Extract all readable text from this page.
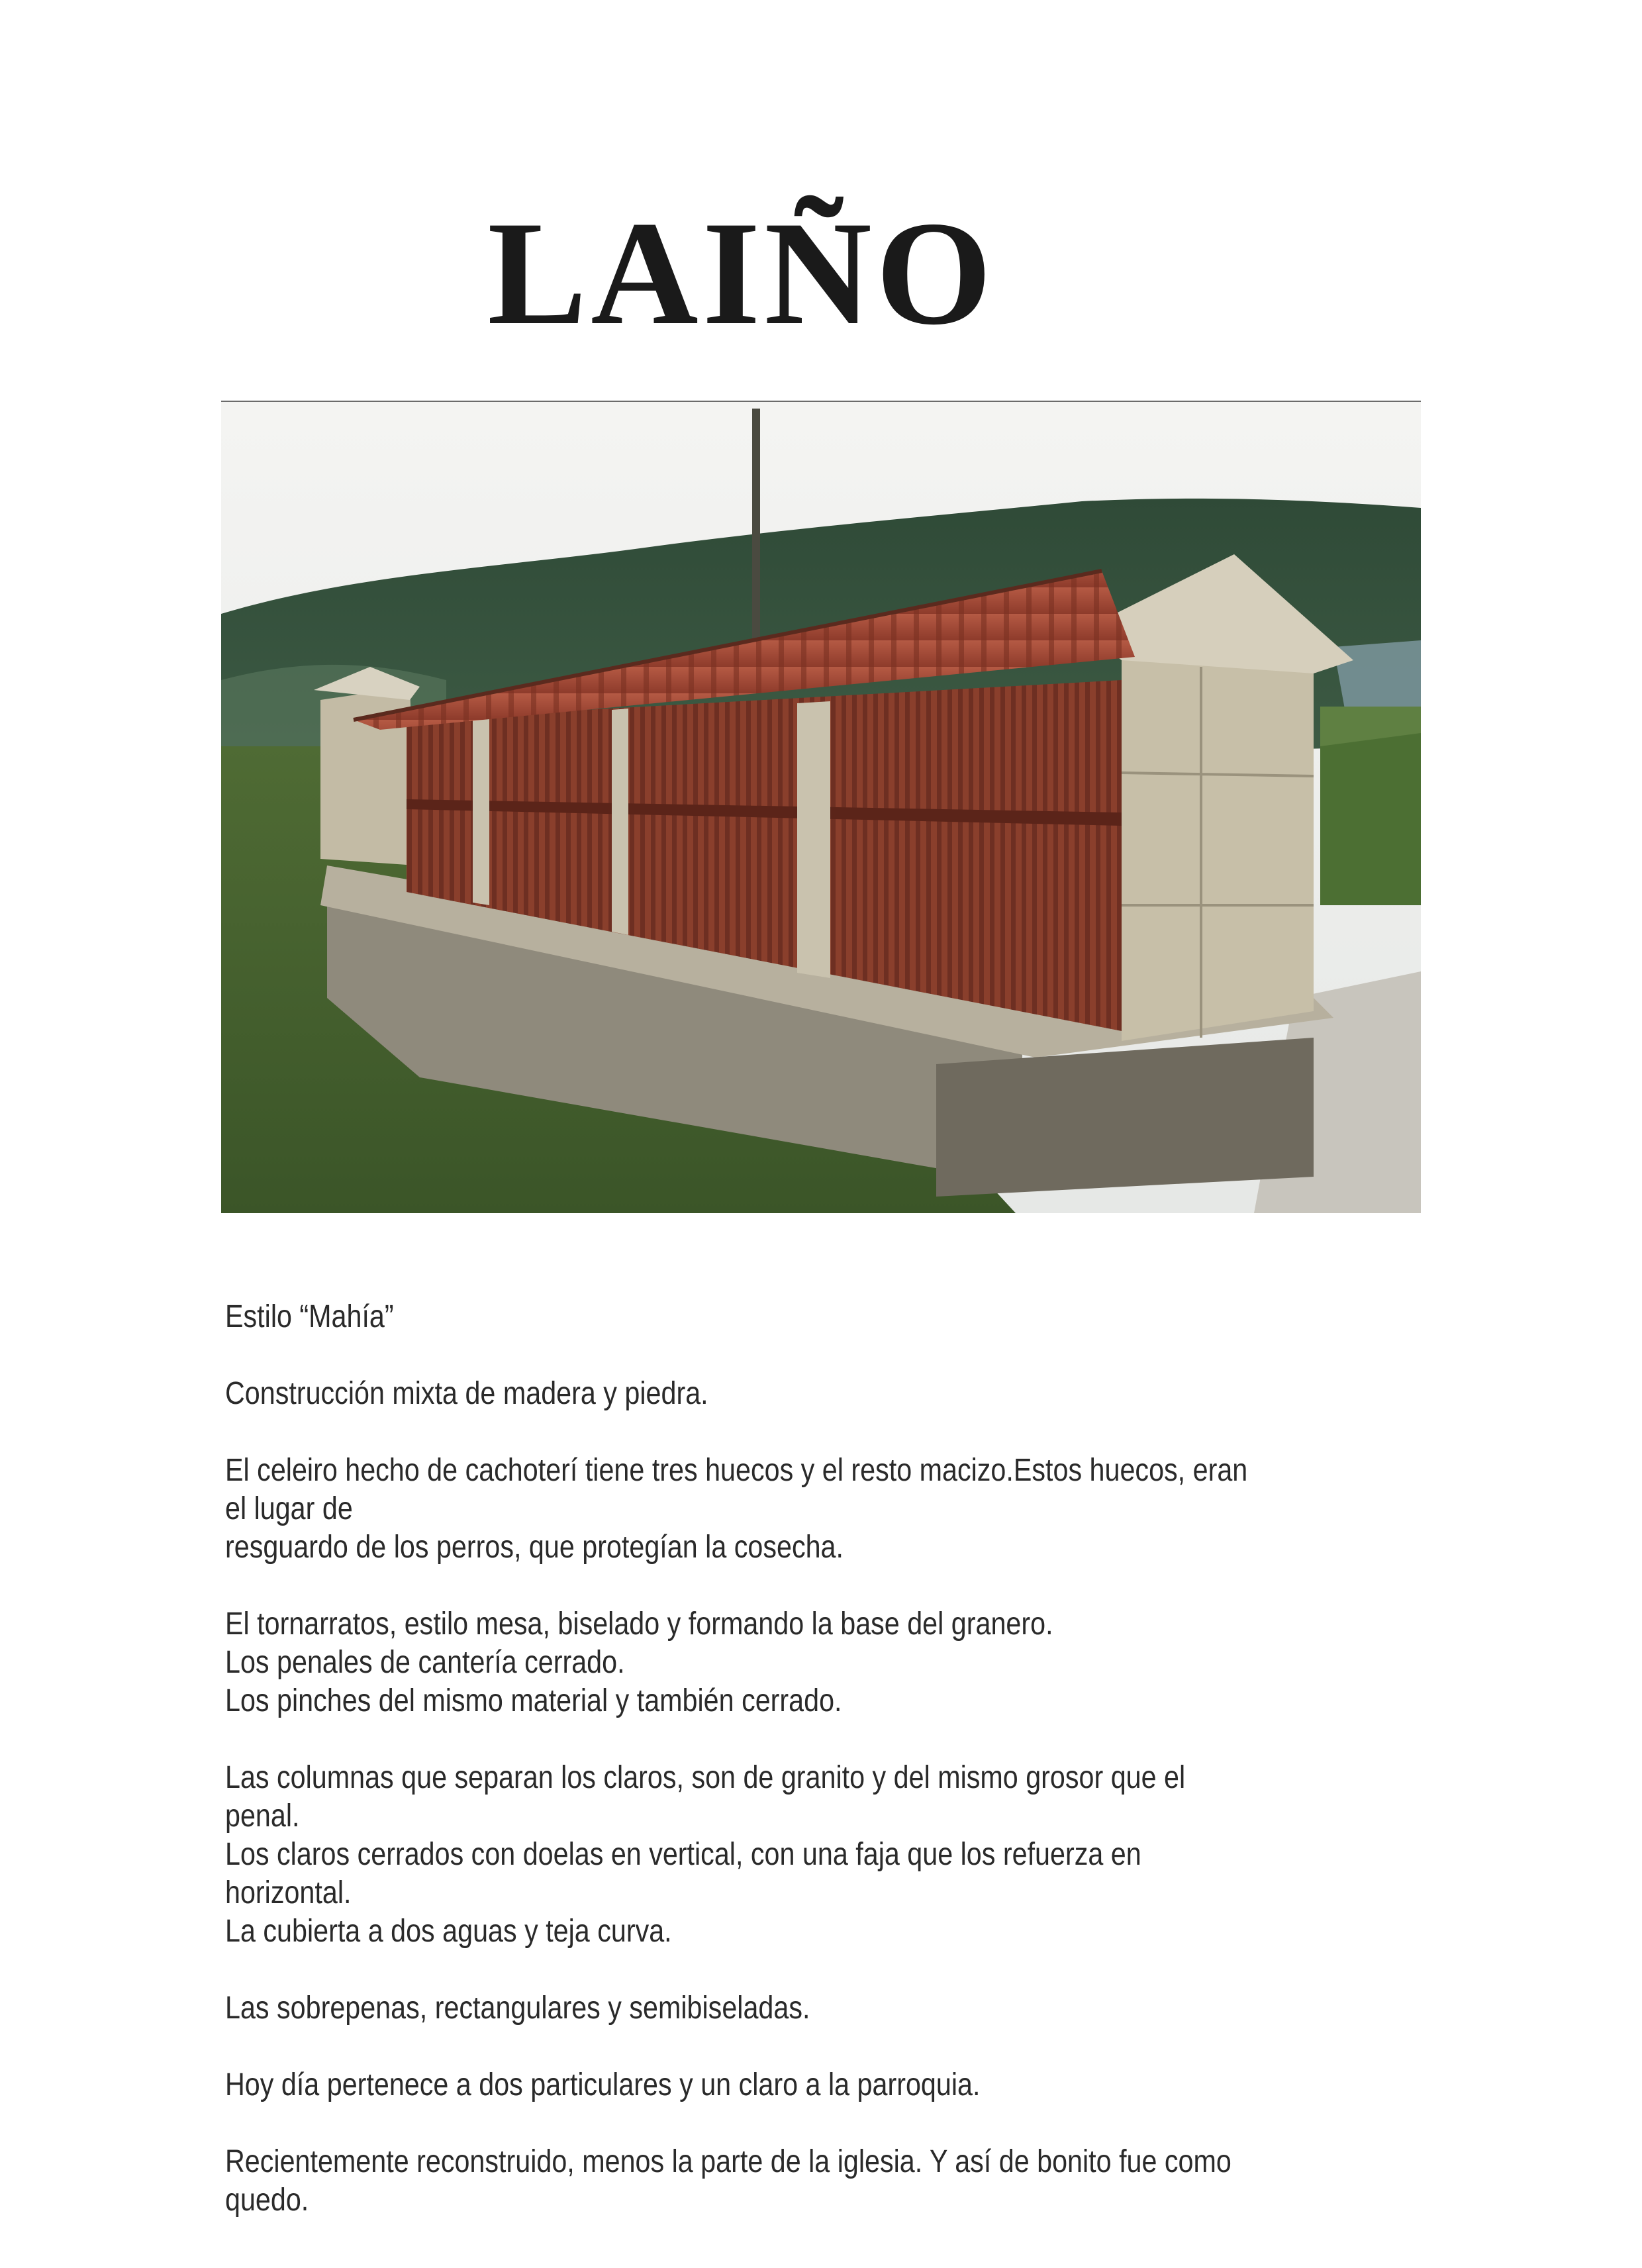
LAIÑO

Estilo “Mahía”

Construcción mixta de madera y piedra.

El celeiro hecho de cachoterí tiene tres huecos y el resto macizo.Estos huecos, eran el lugar de
resguardo de los perros, que protegían la cosecha.

El tornarratos, estilo mesa, biselado y formando la base del granero.
Los penales de cantería cerrado.
Los pinches del mismo material y también cerrado.

Las columnas que separan los claros, son de granito y del mismo grosor que el penal.
Los claros cerrados con doelas en vertical, con una faja que los refuerza en horizontal.
La cubierta a dos aguas y teja curva.

Las sobrepenas, rectangulares y semibiseladas.

Hoy día pertenece a dos particulares y un claro a la parroquia.

Recientemente reconstruido, menos la parte de la iglesia. Y así de bonito fue como quedo.
